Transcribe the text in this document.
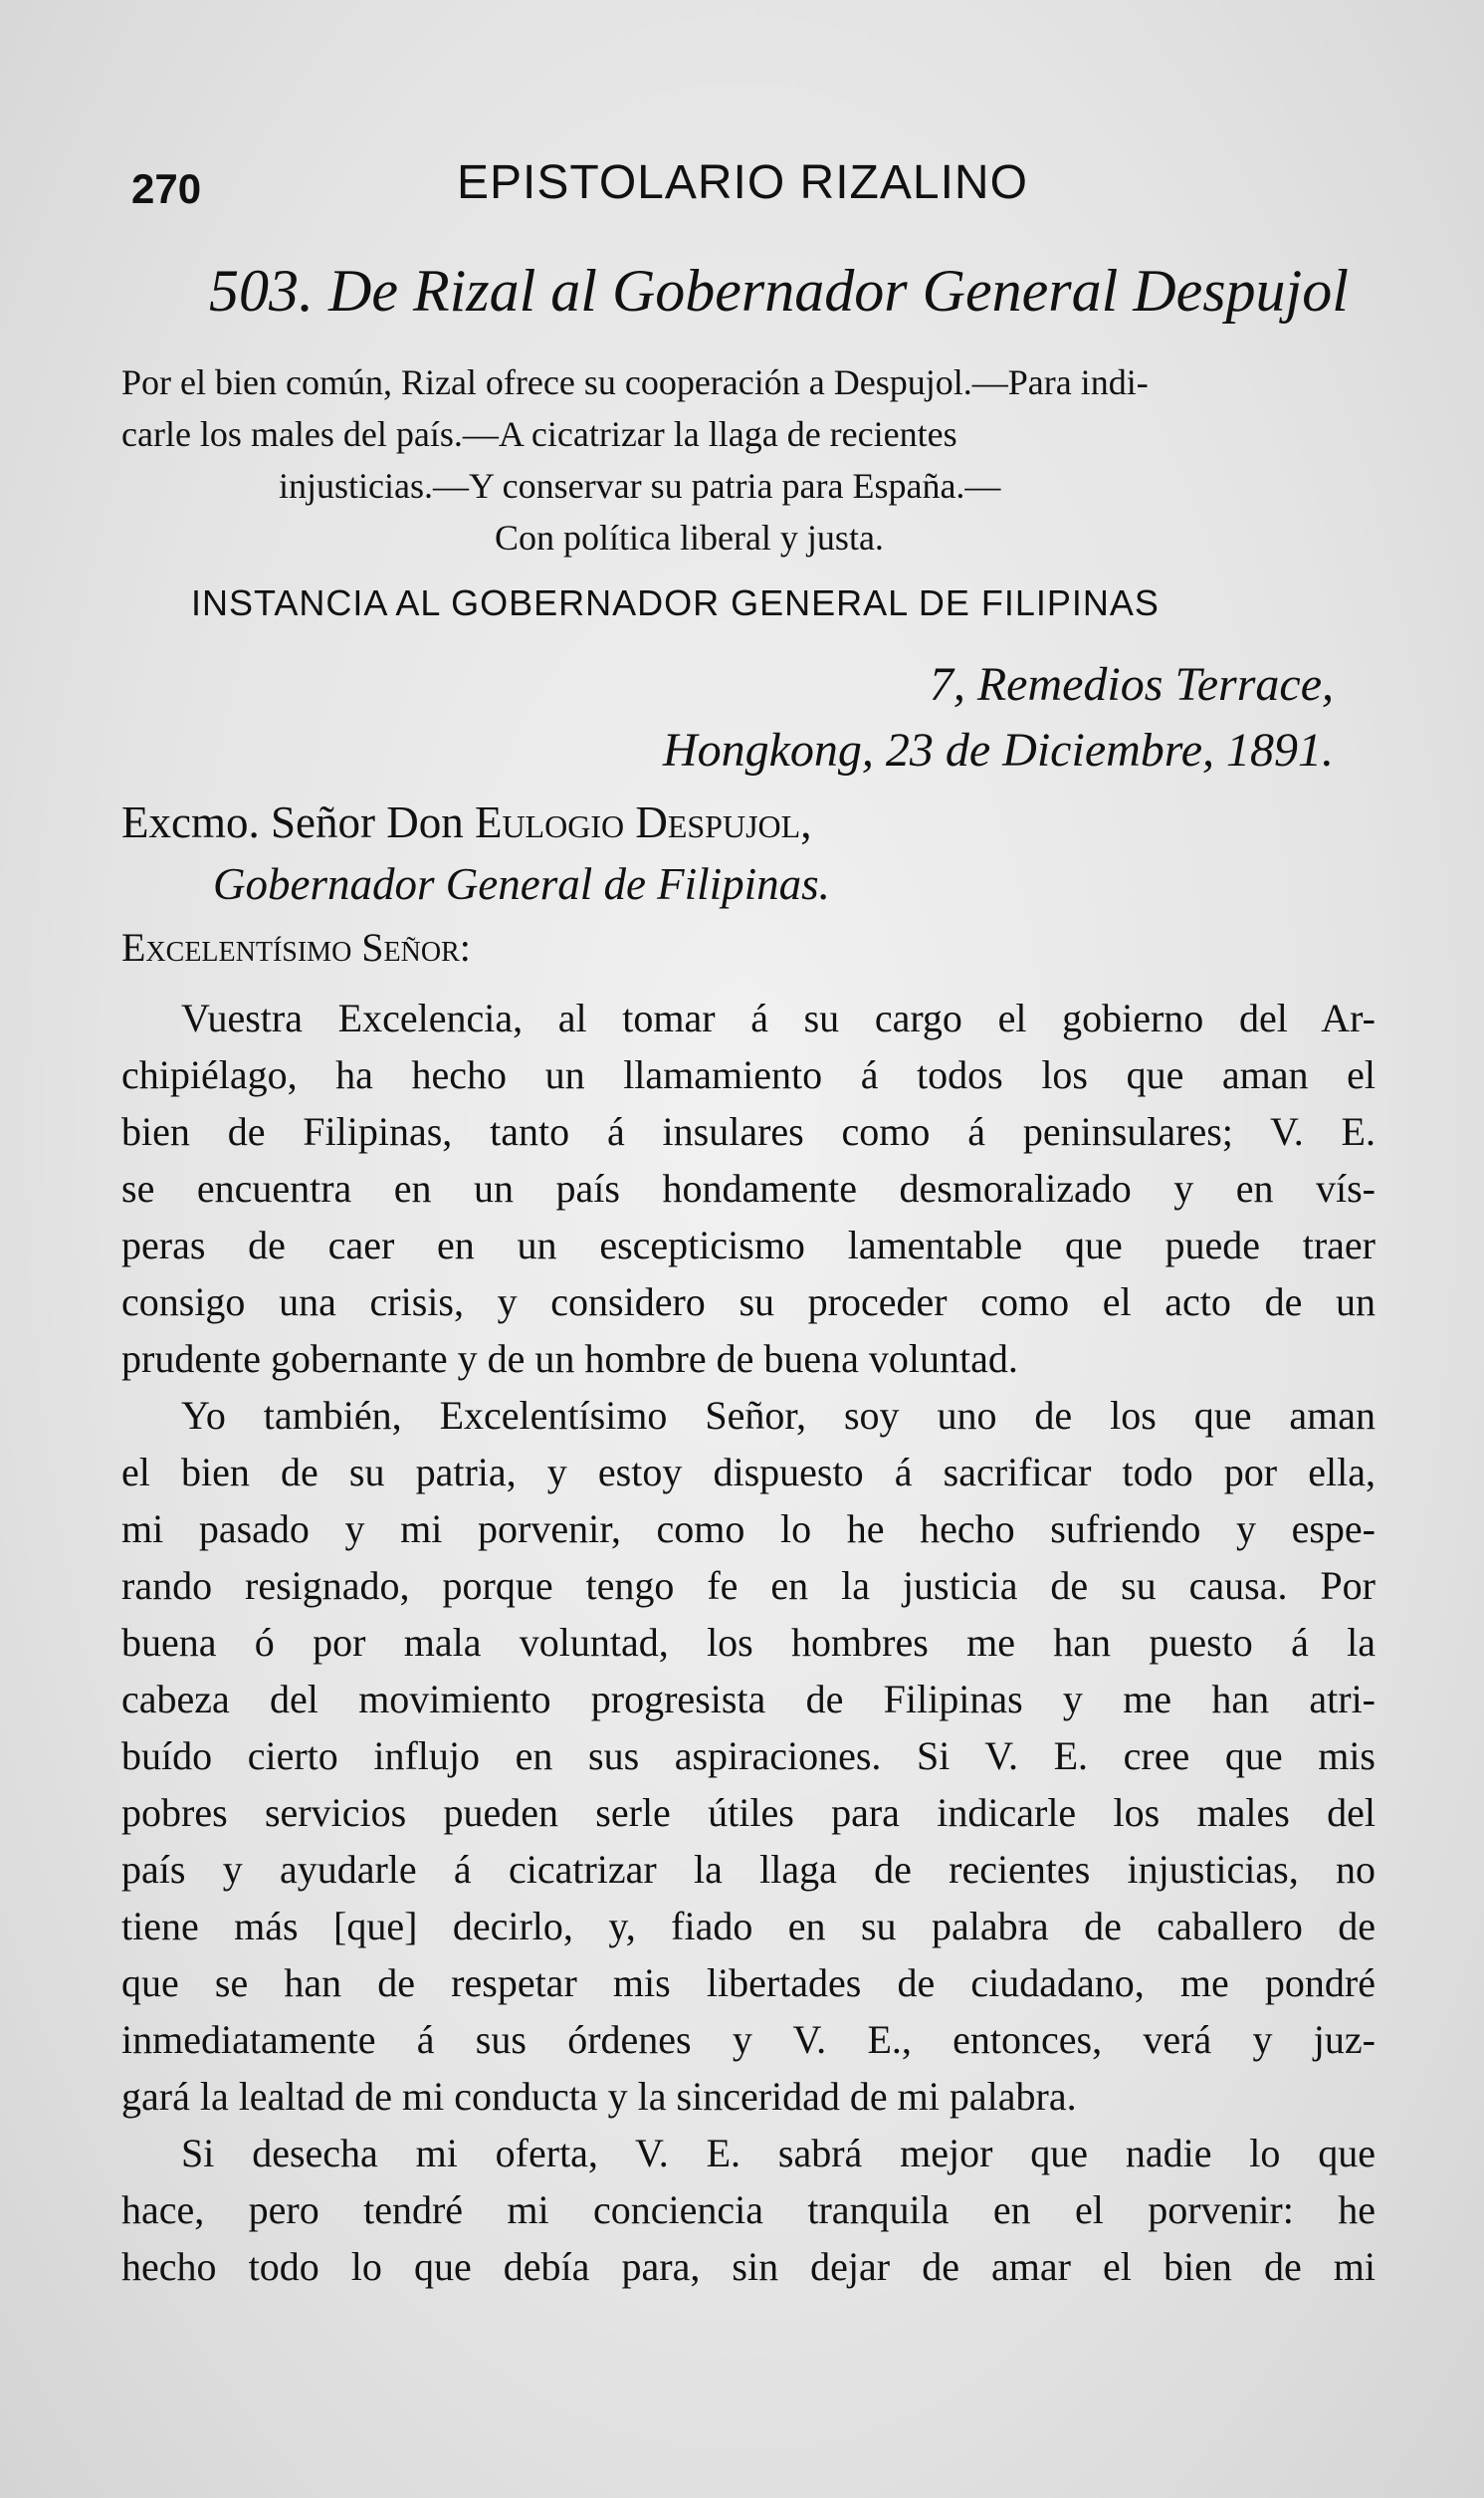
270	EPISTOLARIO RIZALINO
503. De Rizal al Gobernador General Despujol
Por el bien común, Rizal ofrece su cooperación a Despujol.—Para indi-
carle los males del país.—A cicatrizar la llaga de recientes
injusticias.—Y conservar su patria para España.—
Con política liberal y justa.
INSTANCIA AL GOBERNADOR GENERAL DE FILIPINAS
7, Remedios Terrace,
Hongkong, 23 de Diciembre, 1891.
Excmo. Señor Don Eulogio Despujol,
Gobernador General de Filipinas.
Excelentísimo Señor:
Vuestra Excelencia, al tomar á su cargo el gobierno del Ar-
chipiélago, ha hecho un llamamiento á todos los que aman el
bien de Filipinas, tanto á insulares como á peninsulares; V. E.
se encuentra en un país hondamente desmoralizado y en vís-
peras de caer en un escepticismo lamentable que puede traer
consigo una crisis, y considero su proceder como el acto de un
prudente gobernante y de un hombre de buena voluntad.
Yo también, Excelentísimo Señor, soy uno de los que aman
el bien de su patria, y estoy dispuesto á sacrificar todo por ella,
mi pasado y mi porvenir, como lo he hecho sufriendo y espe-
rando resignado, porque tengo fe en la justicia de su causa. Por
buena ó por mala voluntad, los hombres me han puesto á la
cabeza del movimiento progresista de Filipinas y me han atri-
buído cierto influjo en sus aspiraciones. Si V. E. cree que mis
pobres servicios pueden serle útiles para indicarle los males del
país y ayudarle á cicatrizar la llaga de recientes injusticias, no
tiene más [que] decirlo, y, fiado en su palabra de caballero de
que se han de respetar mis libertades de ciudadano, me pondré
inmediatamente á sus órdenes y V. E., entonces, verá y juz-
gará la lealtad de mi conducta y la sinceridad de mi palabra.
Si desecha mi oferta, V. E. sabrá mejor que nadie lo que
hace, pero tendré mi conciencia tranquila en el porvenir: he
hecho todo lo que debía para, sin dejar de amar el bien de mi
